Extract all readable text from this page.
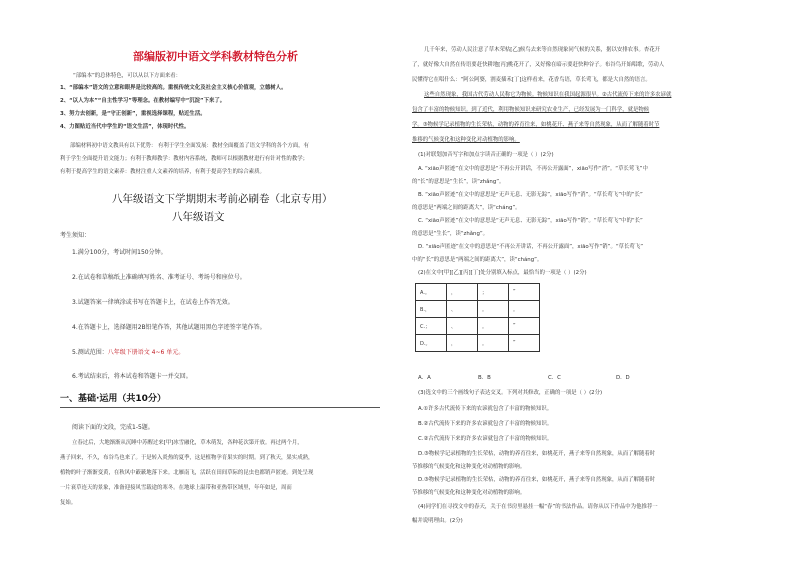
部编版初中语文学科教材特色分析
“部编本”的总体特色，可以从以下方面来看：
1、“部编本”语文的立意和眼界是比较高的。重视传统文化及社会主义核心价值观，立德树人。
2、“以人为本”“自主性学习”等理念。在教材编写中“沉淀”下来了。
3、努力去创新，是“守正创新”，重视选择课程，贴近生活。
4、力图贴近当代中学生的“语文生活”，体现时代性。
部编材料初中语文教具有以下优势： 有利于学生全面发展：教材全面覆盖了语文学科的各个方面，有
利于学生全面提升语文能力；有利于教师教学：教材内容系统，教师可以根据教材进行有针对性的教学；
有利于提高学生的语文素养：教材注重人文素养的培养，有利于提高学生的综合素质。
八年级语文下学期期末考前必刷卷（北京专用）
八年级语文
考生须知：
1.满分100分，考试时间150分钟。
2.在试卷和草稿纸上准确填写姓名、准考证号、考场号和座位号。
3.试题答案一律填涂或书写在答题卡上，在试卷上作答无效。
4.在答题卡上，选择题用2B铅笔作答，其他试题用黑色字迹签字笔作答。
5.测试范围：八年级下册语文 4~6 单元。
6.考试结束后，将本试卷和答题卡一并交回。
一、基础·运用（共10分）
阅读下面的文段，完成1-5题。
立春过后，大地渐渐从沉睡中苏醒过来[甲]冰雪融化，草木萌发，各种花次第开放。再过两个月，
燕子回来，不久，布谷鸟也来了。于是转入炎热的夏季，这是植物孕育果实的时期。到了秋天，果实成熟，
植物的叶子渐渐变黄，在秋风中簌簌地落下来。北雁南飞，活跃在田间草际的昆虫也都销声匿迹。到处呈现
一片衰草连天的景象，准备迎接风雪载途的寒冬。在地球上温带和亚热带区域里，年年如是，周而
复始。
几千年来，劳动人民注意了草木荣枯[乙]候鸟去来等自然现象同气候的关系，据以安排农事。杏花开
了，就好像大自然在传语要赶快耕地[丙]桃花开了，又好像在暗示要赶快种谷子。布谷鸟开始唱歌，劳动人
民懂得它在唱什么：“阿公阿婆，割麦插禾[丁]这样看来，花香鸟语，草长莺飞，都是大自然的语言。
这些自然现象，我国古代劳动人民称它为物候。物候知识在我国起源很早。②古代流传下来的许多农谚就
包含了丰富的物候知识。到了近代，利用物候知识来研究农业生产，已经发展为一门科学，就是物候
学。③物候学记录植物的生长荣枯，动物的养育往来，如桃花开、燕子来等自然现象，从而了解随着时节
推移的气候变化和这种变化对动植物的影响。
(1)对联划加音写字和加点字读音正确的一项是（ ）(2分)
A. “xiāo声匿迹”在文中的意思是“不再公开讲话，不再公开露面”，xiāo写作“消”。“草长莺飞”中
的“长”的意思是“生长”，读“zhǎng”。
B. “xiāo声匿迹”在文中的意思是“无声无息、无影无踪”，xiāo写作“消”。“草长莺飞”中的“长”
的意思是“两端之间的距离大”，读“cháng”。
C. “xiāo声匿迹”在文中的意思是“无声无息、无影无踪”，xiāo写作“销”。“草长莺飞”中的“长”
的意思是“生长”，读“zhǎng”。
D. “xiāo声匿迹”在文中的意思是“不再公开讲话，不再公开露面”，xiāo写作“销”。“草长莺飞”
中的“长”的意思是“两端之间的距离大”，读“cháng”。
(2)在文中[甲][乙][丙][丁]处分别填入标点，最恰当的一项是（ ）(2分)
A.。	，	；	”
B.，	、	。	。
C.；	、	。	”
D.。	，	。	”
A．A	B．B	C．C	D．D
(3)选文中的三个画线句子表达交叉。下列对其修改，正确的一项是（ ）(2分)
A.①许多古代流传下来的农谚就包含了丰富的物候知识。
B.②古代流传下来的许多农谚就包含了丰富的物候知识。
C.②古代流传下来的许多农谚就包含了丰富的物候知识。
D.③物候学记录植物的生长荣枯，动物的养育往来，如桃花开，燕子来等自然现象，从而了解随着时
节推移的气候变化和这种变化对动植物的影响。
D.③物候学记录植物的生长荣枯，动物的养育往来，如桃花开，燕子来等自然现象，从而了解随着时
节推移的气候变化和这种变化对动植物的影响。
(4)同学们在寻找文中的春天，关于在书房里悬挂一幅“春”的书法作品。请你从以下作品中为他推荐一
幅并说明理由。(2分)
